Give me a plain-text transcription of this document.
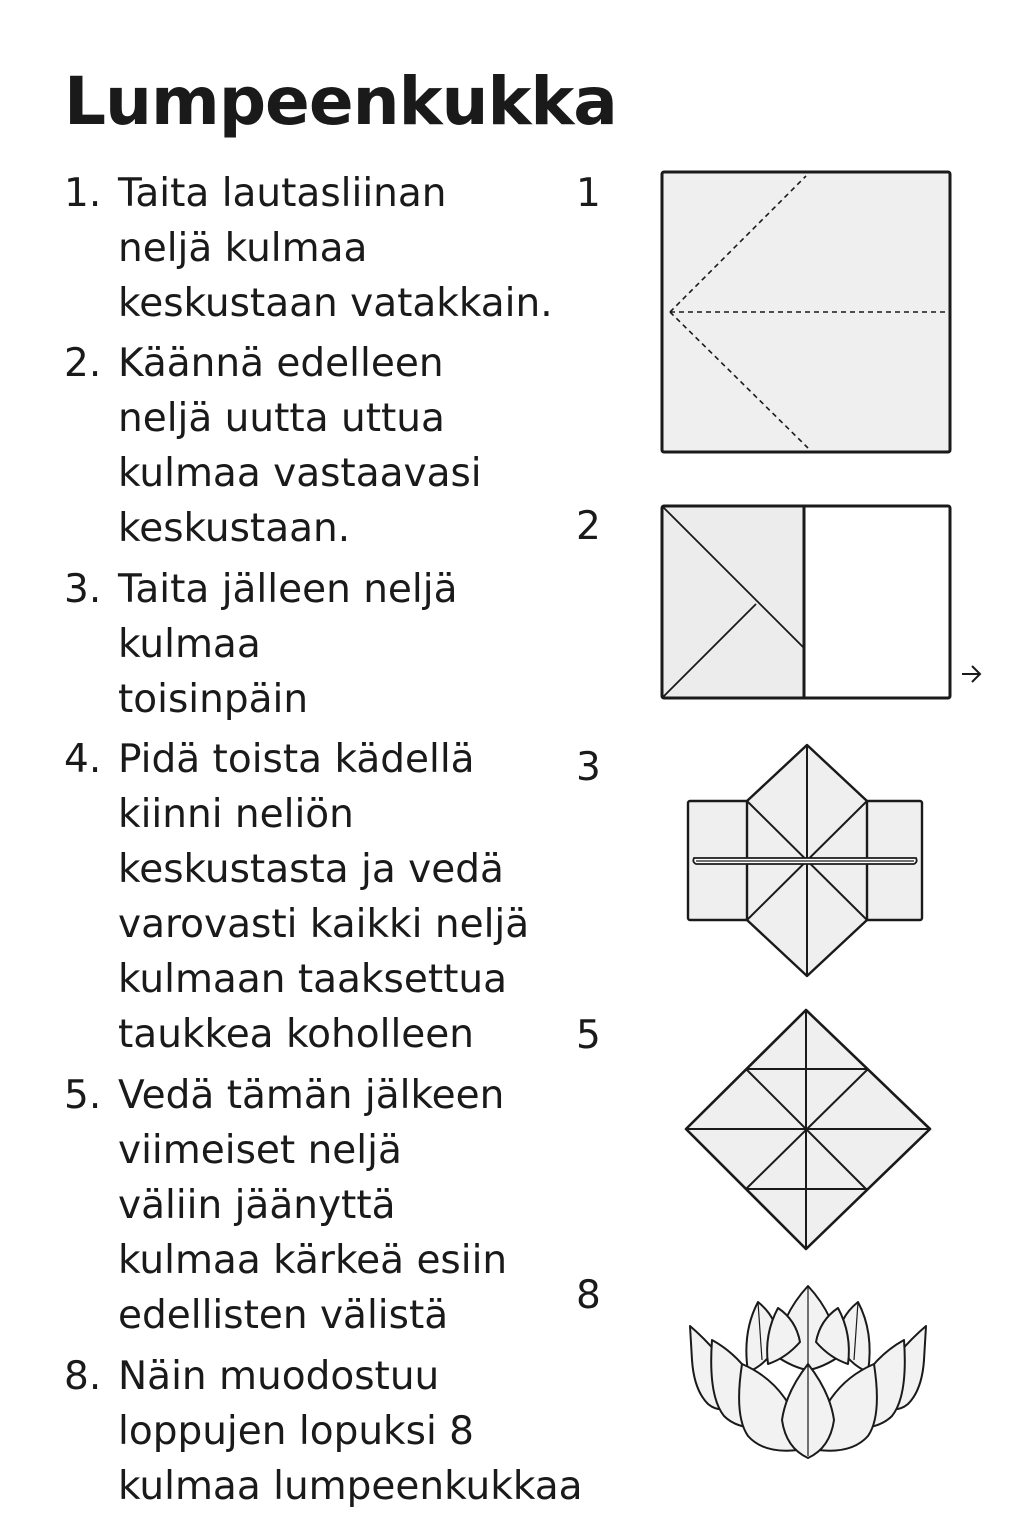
Lumpeenkukka
1. Taita lautasliinan
neljä kulmaa
keskustaan vatakkain.
2. Käännä edelleen
neljä uutta uttua
kulmaa vastaavasi
keskustaan.
3. Taita jälleen neljä
kulmaa
toisinpäin
4. Pidä toista kädellä
kiinni neliön
keskustasta ja vedä
varovasti kaikki neljä
kulmaan taaksettua
taukkea koholleen
5. Vedä tämän jälkeen
viimeiset neljä
väliin jäänyttä
kulmaa kärkeä esiin
edellisten välistä
8. Näin muodostuu
loppujen lopuksi 8
kulmaa lumpeenkukkaa
1
2
3
5
8
